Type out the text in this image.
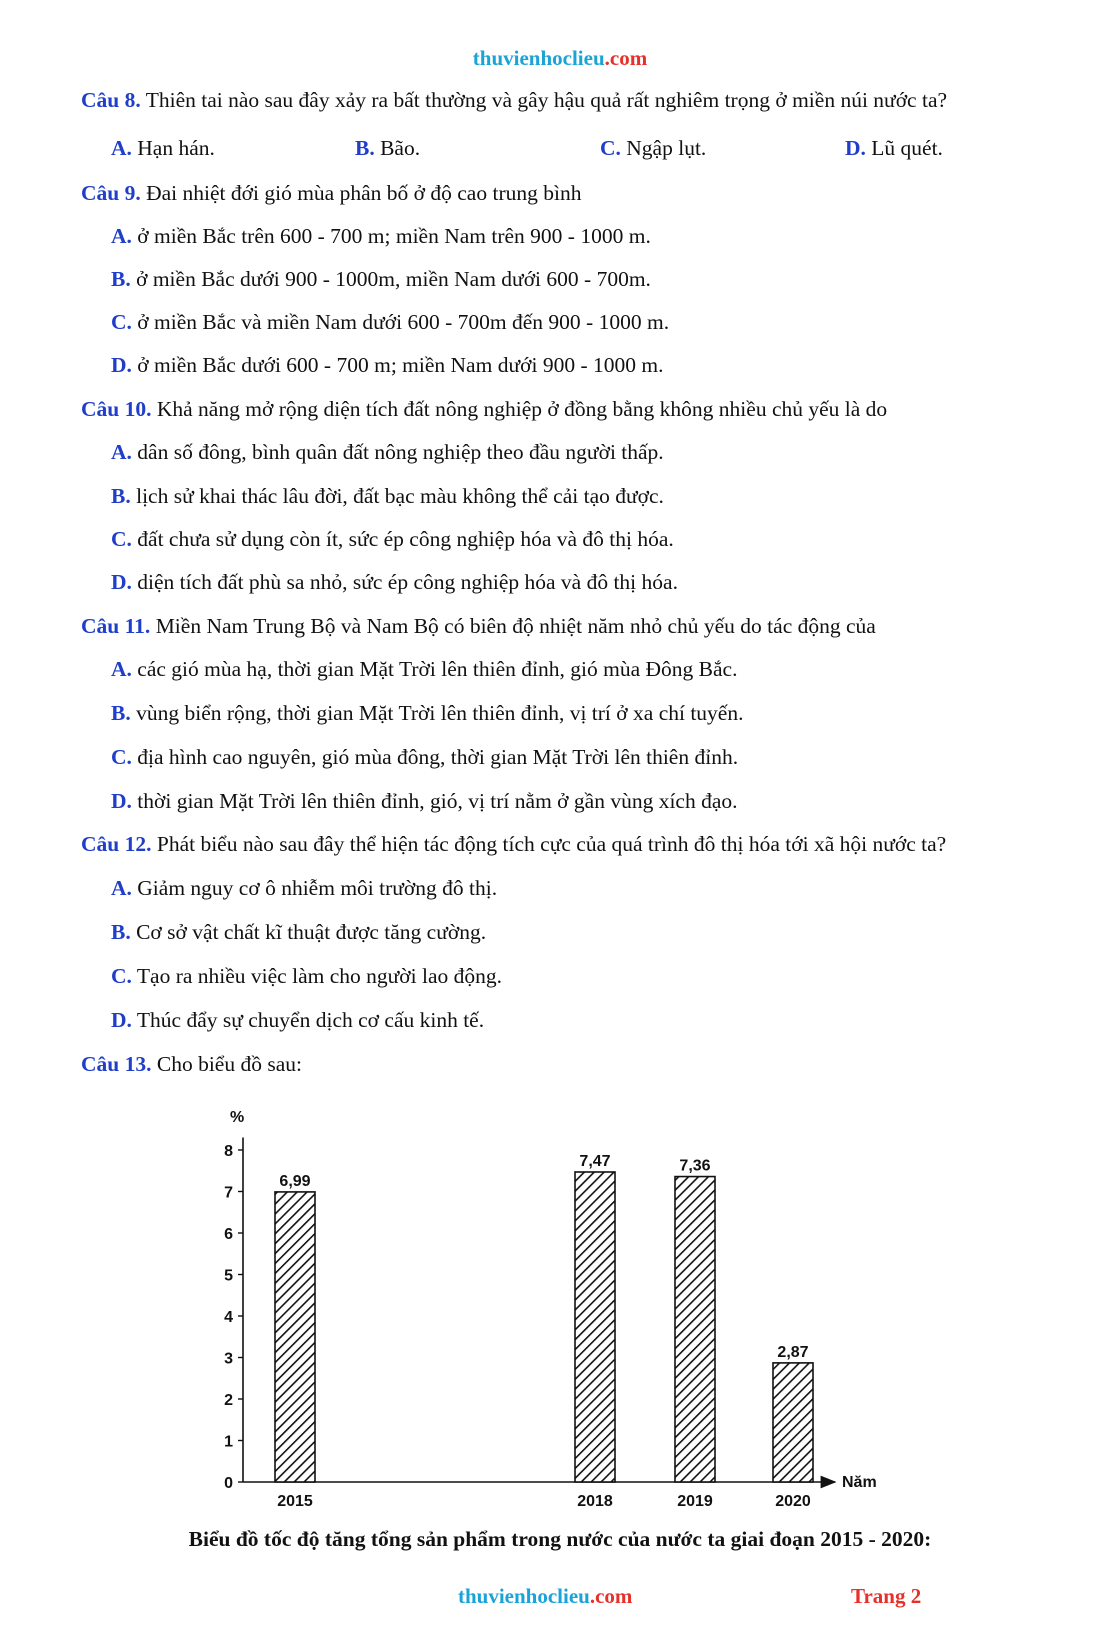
thuvienhoclieu.com
Câu 8. Thiên tai nào sau đây xảy ra bất thường và gây hậu quả rất nghiêm trọng ở miền núi nước ta?
A. Hạn hán.	B. Bão.	C. Ngập lụt.	D. Lũ quét.
Câu 9. Đai nhiệt đới gió mùa phân bố ở độ cao trung bình
A. ở miền Bắc trên 600 - 700 m; miền Nam trên 900 - 1000 m.
B. ở miền Bắc dưới 900 - 1000m, miền Nam dưới 600 - 700m.
C. ở miền Bắc và miền Nam dưới 600 - 700m đến 900 - 1000 m.
D. ở miền Bắc dưới 600 - 700 m; miền Nam dưới 900 - 1000 m.
Câu 10. Khả năng mở rộng diện tích đất nông nghiệp ở đồng bằng không nhiều chủ yếu là do
A. dân số đông, bình quân đất nông nghiệp theo đầu người thấp.
B. lịch sử khai thác lâu đời, đất bạc màu không thể cải tạo được.
C. đất chưa sử dụng còn ít, sức ép công nghiệp hóa và đô thị hóa.
D. diện tích đất phù sa nhỏ, sức ép công nghiệp hóa và đô thị hóa.
Câu 11. Miền Nam Trung Bộ và Nam Bộ có biên độ nhiệt năm nhỏ chủ yếu do tác động của
A. các gió mùa hạ, thời gian Mặt Trời lên thiên đỉnh, gió mùa Đông Bắc.
B. vùng biển rộng, thời gian Mặt Trời lên thiên đỉnh, vị trí ở xa chí tuyến.
C. địa hình cao nguyên, gió mùa đông, thời gian Mặt Trời lên thiên đỉnh.
D. thời gian Mặt Trời lên thiên đỉnh, gió, vị trí nằm ở gần vùng xích đạo.
Câu 12. Phát biểu nào sau đây thể hiện tác động tích cực của quá trình đô thị hóa tới xã hội nước ta?
A. Giảm nguy cơ ô nhiễm môi trường đô thị.
B. Cơ sở vật chất kĩ thuật được tăng cường.
C. Tạo ra nhiều việc làm cho người lao động.
D. Thúc đẩy sự chuyển dịch cơ cấu kinh tế.
Câu 13. Cho biểu đồ sau:
%
Năm
0
1
2
3
4
5
6
7
8
6,99
2015
7,47
2018
7,36
2019
2,87
2020
Biểu đồ tốc độ tăng tổng sản phẩm trong nước của nước ta giai đoạn 2015 - 2020:
thuvienhoclieu.com	Trang 2
